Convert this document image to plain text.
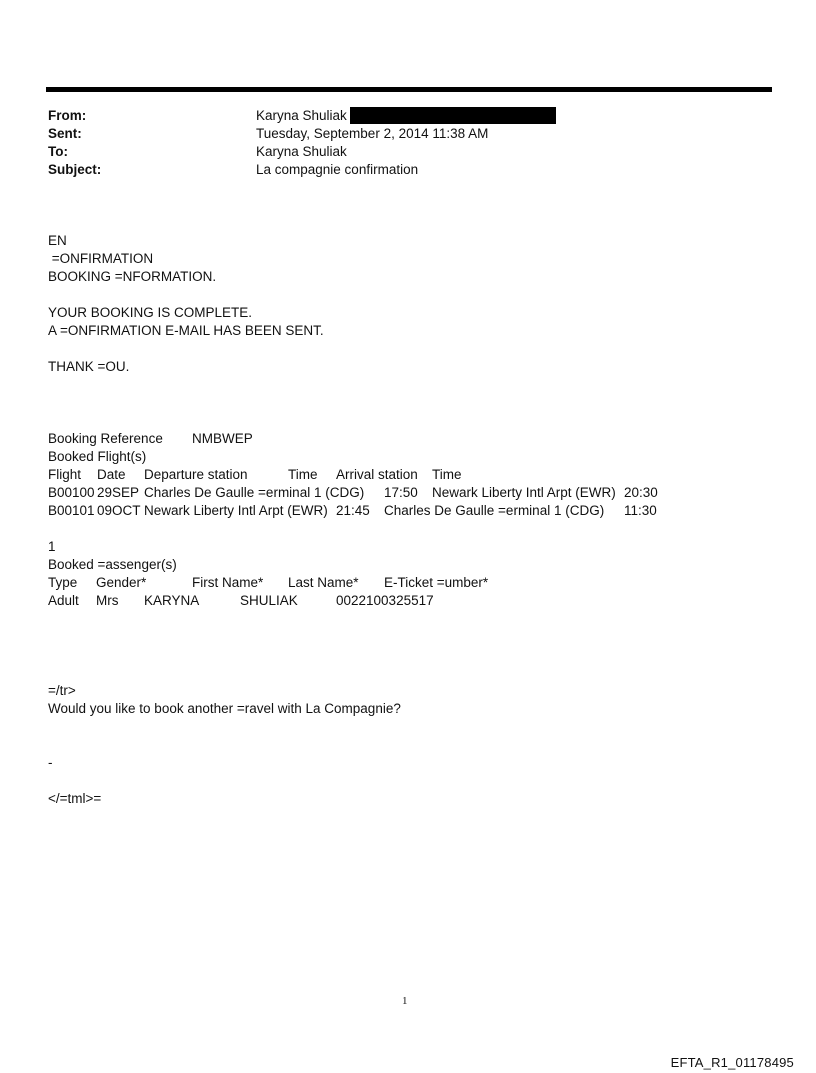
From:	Karyna Shuliak
Sent:	Tuesday, September 2, 2014 11:38 AM
To:	Karyna Shuliak
Subject:	La compagnie confirmation
EN
=ONFIRMATION
BOOKING =NFORMATION.
YOUR BOOKING IS COMPLETE.
A =ONFIRMATION E-MAIL HAS BEEN SENT.
THANK =OU.
Booking Reference NMBWEP
Booked Flight(s)
Flight Date Departure station	Time Arrival station Time
B00100 29SEP Charles De Gaulle =erminal 1 (CDG) 17:50 Newark Liberty Intl Arpt (EWR) 20:30
B00101 09OCT Newark Liberty Intl Arpt (EWR) 21:45 Charles De Gaulle =erminal 1 (CDG) 11:30
1
Booked =assenger(s)
Type Gender*	First Name* Last Name* E-Ticket =umber*
Adult Mrs KARYNA	SHULIAK	0022100325517
=/tr>
Would you like to book another =ravel with La Compagnie?
-
</=tml>=
1
EFTA_R1_01178495
